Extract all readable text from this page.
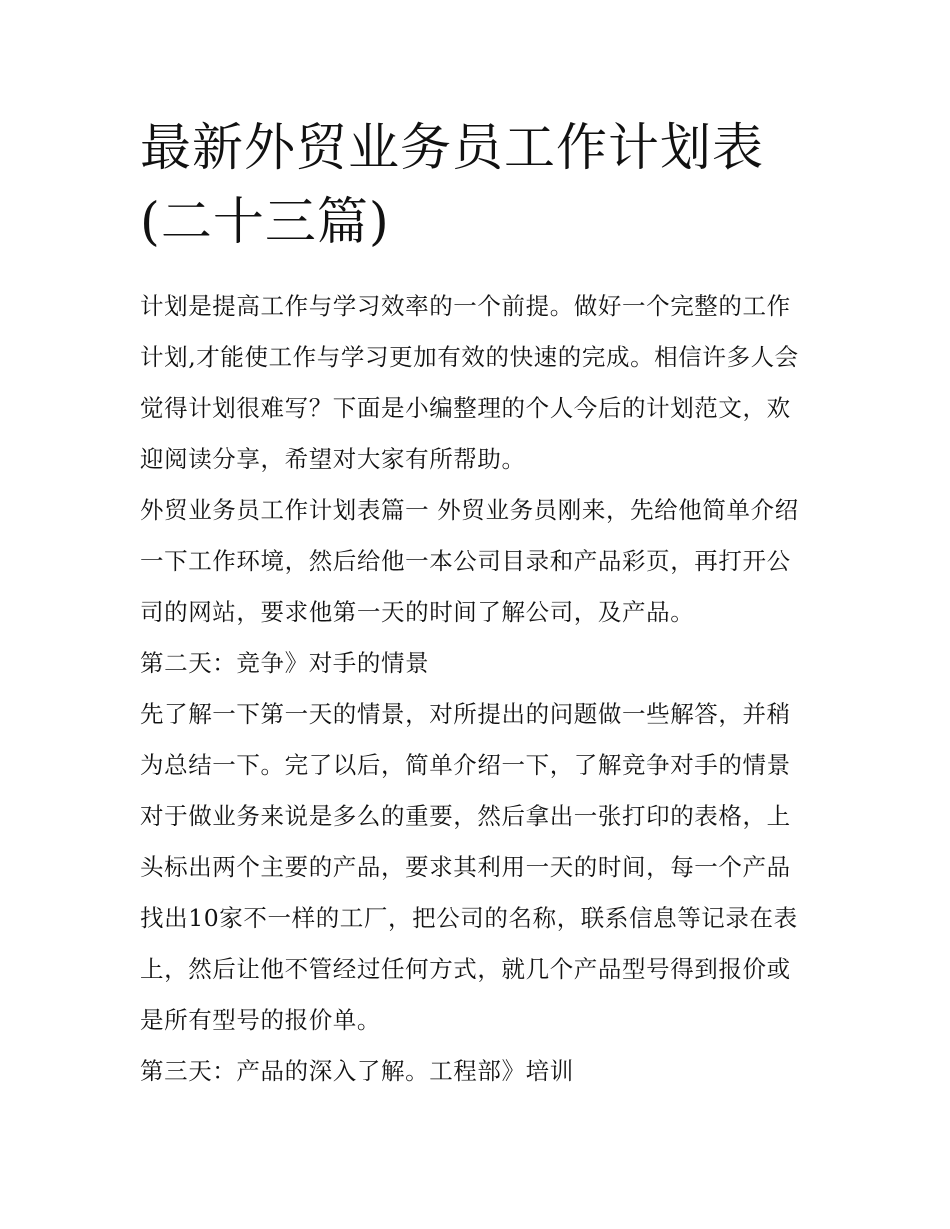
最新外贸业务员工作计划表(二十三篇)

计划是提高工作与学习效率的一个前提。做好一个完整的工作计划,才能使工作与学习更加有效的快速的完成。相信许多人会觉得计划很难写？下面是小编整理的个人今后的计划范文，欢迎阅读分享，希望对大家有所帮助。

外贸业务员工作计划表篇一 外贸业务员刚来，先给他简单介绍一下工作环境，然后给他一本公司目录和产品彩页，再打开公司的网站，要求他第一天的时间了解公司，及产品。

第二天：竞争》对手的情景

先了解一下第一天的情景，对所提出的问题做一些解答，并稍为总结一下。完了以后，简单介绍一下，了解竞争对手的情景对于做业务来说是多么的重要，然后拿出一张打印的表格，上头标出两个主要的产品，要求其利用一天的时间，每一个产品找出10家不一样的工厂，把公司的名称，联系信息等记录在表上，然后让他不管经过任何方式，就几个产品型号得到报价或是所有型号的报价单。

第三天：产品的深入了解。工程部》培训
